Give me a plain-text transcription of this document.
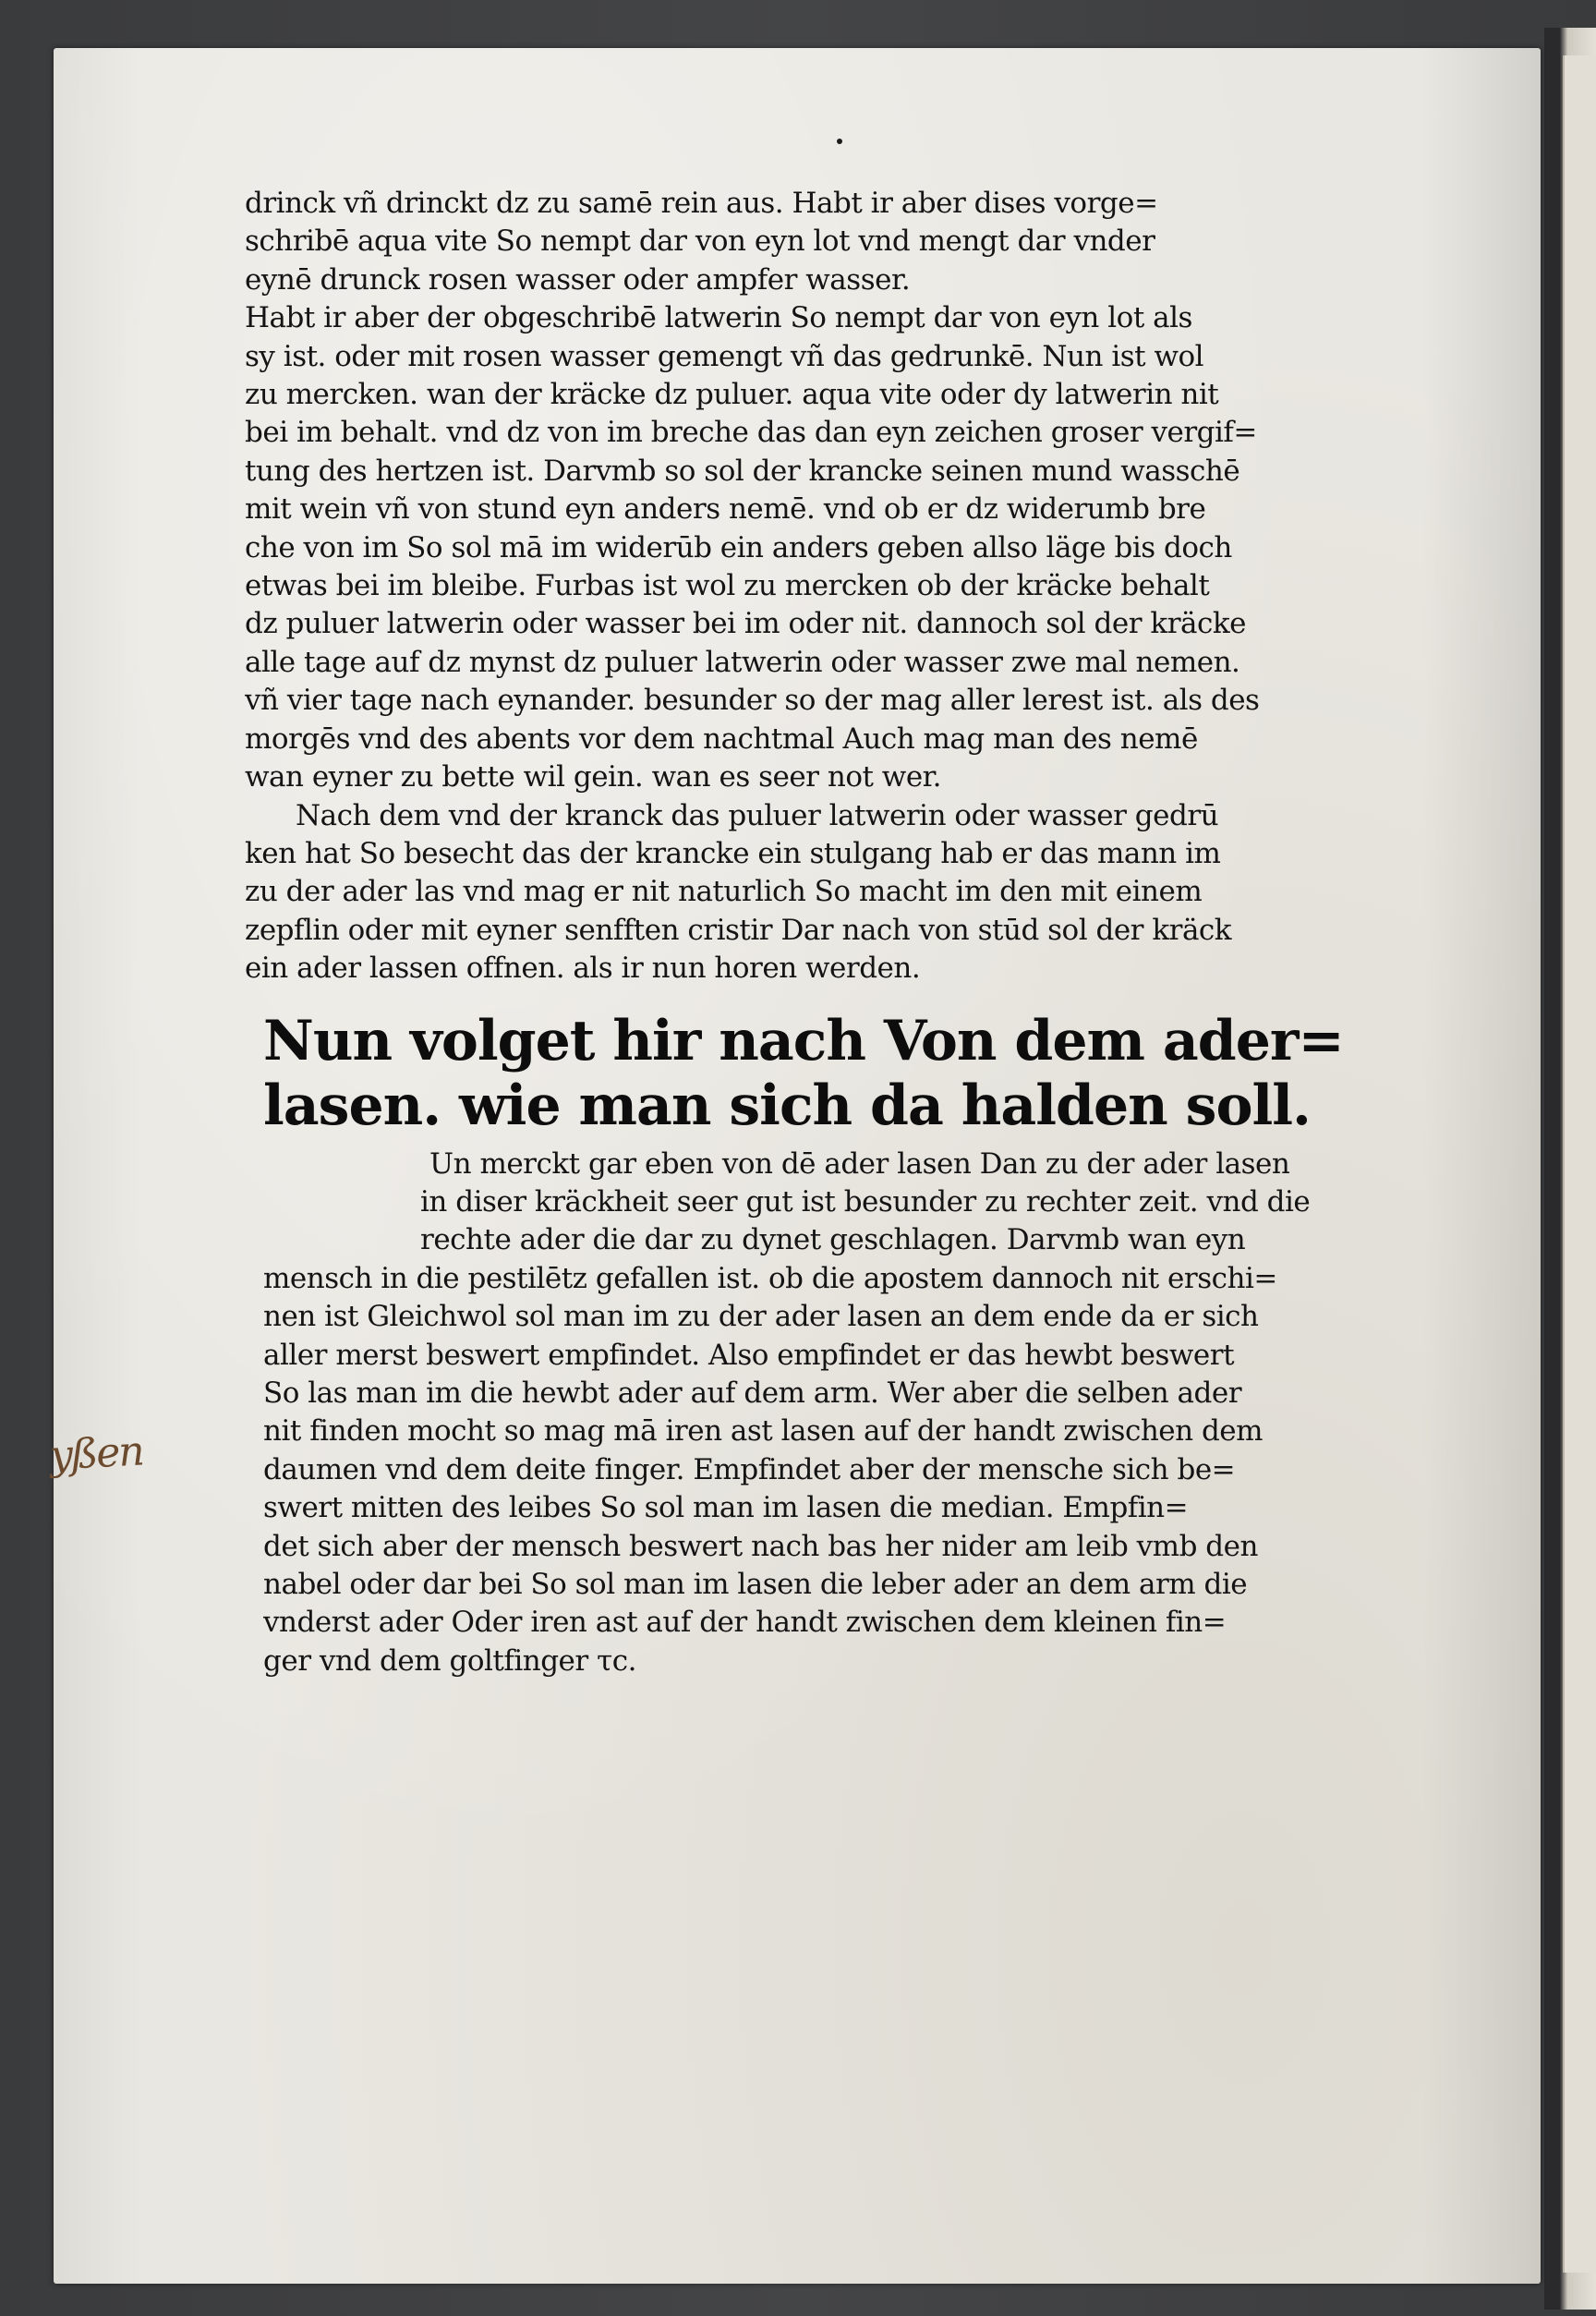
yßen
drinck vñ drinckt dz zu samē rein aus. Habt ir aber dises vorge=
schribē aqua vite So nempt dar von eyn lot vnd mengt dar vnder
eynē drunck rosen wasser oder ampfer wasser.
Habt ir aber der obgeschribē latwerin So nempt dar von eyn lot als
sy ist. oder mit rosen wasser gemengt vñ das gedrunkē. Nun ist wol
zu mercken. wan der kräcke dz puluer. aqua vite oder dy latwerin nit
bei im behalt. vnd dz von im breche das dan eyn zeichen groser vergif=
tung des hertzen ist. Darvmb so sol der krancke seinen mund wasschē
mit wein vñ von stund eyn anders nemē. vnd ob er dz widerumb bre
che von im So sol mā im widerūb ein anders geben allso läge bis doch
etwas bei im bleibe. Furbas ist wol zu mercken ob der kräcke behalt
dz puluer latwerin oder wasser bei im oder nit. dannoch sol der kräcke
alle tage auf dz mynst dz puluer latwerin oder wasser zwe mal nemen.
vñ vier tage nach eynander. besunder so der mag aller lerest ist. als des
morgēs vnd des abents vor dem nachtmal Auch mag man des nemē
wan eyner zu bette wil gein. wan es seer not wer.
Nach dem vnd der kranck das puluer latwerin oder wasser gedrū
ken hat So besecht das der krancke ein stulgang hab er das mann im
zu der ader las vnd mag er nit naturlich So macht im den mit einem
zepflin oder mit eyner senfften cristir Dar nach von stūd sol der kräck
ein ader lassen offnen. als ir nun horen werden.
Nun volget hir nach Von dem ader=
lasen. wie man sich da halden soll.
Un merckt gar eben von dē ader lasen Dan zu der ader lasen
in diser kräckheit seer gut ist besunder zu rechter zeit. vnd die
rechte ader die dar zu dynet geschlagen. Darvmb wan eyn
mensch in die pestilētz gefallen ist. ob die apostem dannoch nit erschi=
nen ist Gleichwol sol man im zu der ader lasen an dem ende da er sich
aller merst beswert empfindet. Also empfindet er das hewbt beswert
So las man im die hewbt ader auf dem arm. Wer aber die selben ader
nit finden mocht so mag mā iren ast lasen auf der handt zwischen dem
daumen vnd dem deite finger. Empfindet aber der mensche sich be=
swert mitten des leibes So sol man im lasen die median. Empfin=
det sich aber der mensch beswert nach bas her nider am leib vmb den
nabel oder dar bei So sol man im lasen die leber ader an dem arm die
vnderst ader Oder iren ast auf der handt zwischen dem kleinen fin=
ger vnd dem goltfinger τc.
